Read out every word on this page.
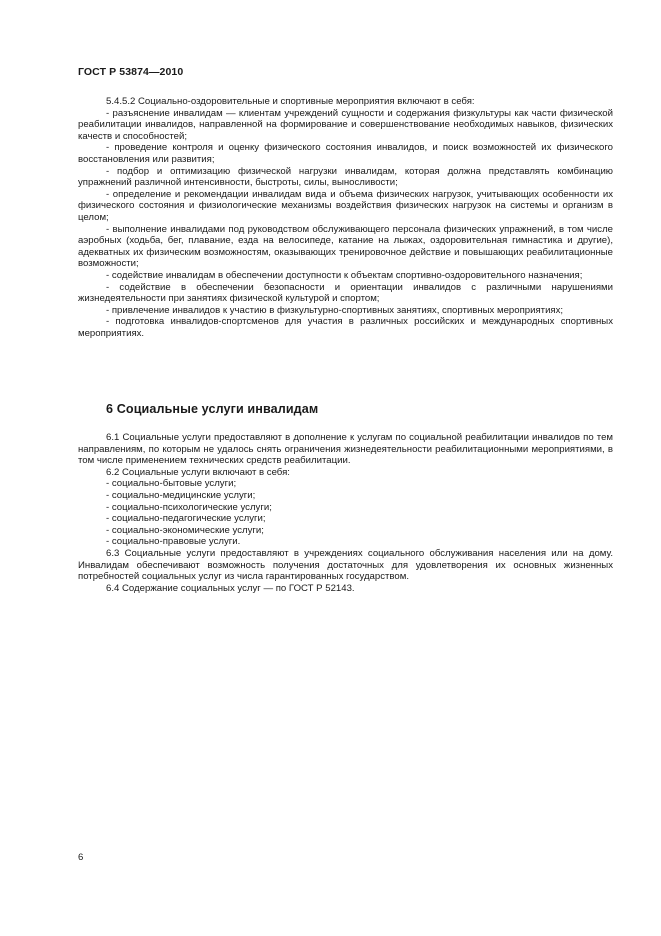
ГОСТ Р 53874—2010

5.4.5.2 Социально-оздоровительные и спортивные мероприятия включают в себя:

- разъяснение инвалидам — клиентам учреждений сущности и содержания физкультуры как части физической реабилитации инвалидов, направленной на формирование и совершенствование необходимых навыков, физических качеств и способностей;

- проведение контроля и оценку физического состояния инвалидов, и поиск возможностей их физического восстановления или развития;

- подбор и оптимизацию физической нагрузки инвалидам, которая должна представлять комбинацию упражнений различной интенсивности, быстроты, силы, выносливости;

- определение и рекомендации инвалидам вида и объема физических нагрузок, учитывающих особенности их физического состояния и физиологические механизмы воздействия физических нагрузок на системы и организм в целом;

- выполнение инвалидами под руководством обслуживающего персонала физических упражнений, в том числе аэробных (ходьба, бег, плавание, езда на велосипеде, катание на лыжах, оздоровительная гимнастика и другие), адекватных их физическим возможностям, оказывающих тренировочное действие и повышающих реабилитационные возможности;

- содействие инвалидам в обеспечении доступности к объектам спортивно-оздоровительного назначения;

- содействие в обеспечении безопасности и ориентации инвалидов с различными нарушениями жизнедеятельности при занятиях физической культурой и спортом;

- привлечение инвалидов к участию в физкультурно-спортивных занятиях, спортивных мероприятиях;

- подготовка инвалидов-спортсменов для участия в различных российских и международных спортивных мероприятиях.

6 Социальные услуги инвалидам

6.1 Социальные услуги предоставляют в дополнение к услугам по социальной реабилитации инвалидов по тем направлениям, по которым не удалось снять ограничения жизнедеятельности реабилитационными мероприятиями, в том числе применением технических средств реабилитации.

6.2 Социальные услуги включают в себя:

- социально-бытовые услуги;

- социально-медицинские услуги;

- социально-психологические услуги;

- социально-педагогические услуги;

- социально-экономические услуги;

- социально-правовые услуги.

6.3 Социальные услуги предоставляют в учреждениях социального обслуживания населения или на дому. Инвалидам обеспечивают возможность получения достаточных для удовлетворения их основных жизненных потребностей социальных услуг из числа гарантированных государством.

6.4 Содержание социальных услуг — по ГОСТ Р 52143.

6
